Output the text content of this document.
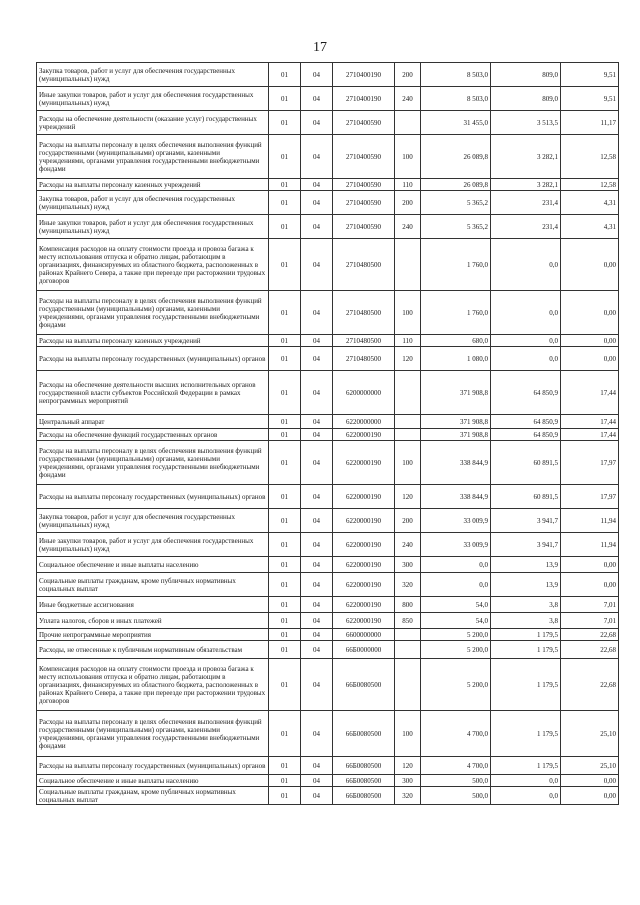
17
Закупка товаров, работ и услуг для обеспечения государственных (муниципальных) нужд	01	04	2710400190	200	8 503,0	809,0	9,51
Иные закупки товаров, работ и услуг для обеспечения государственных (муниципальных) нужд	01	04	2710400190	240	8 503,0	809,0	9,51
Расходы на обеспечение деятельности (оказание услуг) государственных учреждений	01	04	2710400590		31 455,0	3 513,5	11,17
Расходы на выплаты персоналу в целях обеспечения выполнения функций государственными (муниципальными) органами, казенными учреждениями, органами управления государственными внебюджетными фондами	01	04	2710400590	100	26 089,8	3 282,1	12,58
Расходы на выплаты персоналу казенных учреждений	01	04	2710400590	110	26 089,8	3 282,1	12,58
Закупка товаров, работ и услуг для обеспечения государственных (муниципальных) нужд	01	04	2710400590	200	5 365,2	231,4	4,31
Иные закупки товаров, работ и услуг для обеспечения государственных (муниципальных) нужд	01	04	2710400590	240	5 365,2	231,4	4,31
Компенсация расходов на оплату стоимости проезда и провоза багажа к месту использования отпуска и обратно лицам, работающим в организациях, финансируемых из областного бюджета, расположенных в районах Крайнего Севера, а также при переезде при расторжении трудовых договоров	01	04	2710480500		1 760,0	0,0	0,00
Расходы на выплаты персоналу в целях обеспечения выполнения функций государственными (муниципальными) органами, казенными учреждениями, органами управления государственными внебюджетными фондами	01	04	2710480500	100	1 760,0	0,0	0,00
Расходы на выплаты персоналу казенных учреждений	01	04	2710480500	110	680,0	0,0	0,00
Расходы на выплаты персоналу государственных (муниципальных) органов	01	04	2710480500	120	1 080,0	0,0	0,00
Расходы на обеспечение деятельности высших исполнительных органов государственной власти субъектов Российской Федерации в рамках непрограммных мероприятий	01	04	6200000000		371 908,8	64 850,9	17,44
Центральный аппарат	01	04	6220000000		371 908,8	64 850,9	17,44
Расходы на обеспечение функций государственных органов	01	04	6220000190		371 908,8	64 850,9	17,44
Расходы на выплаты персоналу в целях обеспечения выполнения функций государственными (муниципальными) органами, казенными учреждениями, органами управления государственными внебюджетными фондами	01	04	6220000190	100	338 844,9	60 891,5	17,97
Расходы на выплаты персоналу государственных (муниципальных) органов	01	04	6220000190	120	338 844,9	60 891,5	17,97
Закупка товаров, работ и услуг для обеспечения государственных (муниципальных) нужд	01	04	6220000190	200	33 009,9	3 941,7	11,94
Иные закупки товаров, работ и услуг для обеспечения государственных (муниципальных) нужд	01	04	6220000190	240	33 009,9	3 941,7	11,94
Социальное обеспечение и иные выплаты населению	01	04	6220000190	300	0,0	13,9	0,00
Социальные выплаты гражданам, кроме публичных нормативных социальных выплат	01	04	6220000190	320	0,0	13,9	0,00
Иные бюджетные ассигнования	01	04	6220000190	800	54,0	3,8	7,01
Уплата налогов, сборов и иных платежей	01	04	6220000190	850	54,0	3,8	7,01
Прочие непрограммные мероприятия	01	04	6600000000		5 200,0	1 179,5	22,68
Расходы, не отнесенные к публичным нормативным обязательствам	01	04	66Б0000000		5 200,0	1 179,5	22,68
Компенсация расходов на оплату стоимости проезда и провоза багажа к месту использования отпуска и обратно лицам, работающим в организациях, финансируемых из областного бюджета, расположенных в районах Крайнего Севера, а также при переезде при расторжении трудовых договоров	01	04	66Б0080500		5 200,0	1 179,5	22,68
Расходы на выплаты персоналу в целях обеспечения выполнения функций государственными (муниципальными) органами, казенными учреждениями, органами управления государственными внебюджетными фондами	01	04	66Б0080500	100	4 700,0	1 179,5	25,10
Расходы на выплаты персоналу государственных (муниципальных) органов	01	04	66Б0080500	120	4 700,0	1 179,5	25,10
Социальное обеспечение и иные выплаты населению	01	04	66Б0080500	300	500,0	0,0	0,00
Социальные выплаты гражданам, кроме публичных нормативных социальных выплат	01	04	66Б0080500	320	500,0	0,0	0,00
